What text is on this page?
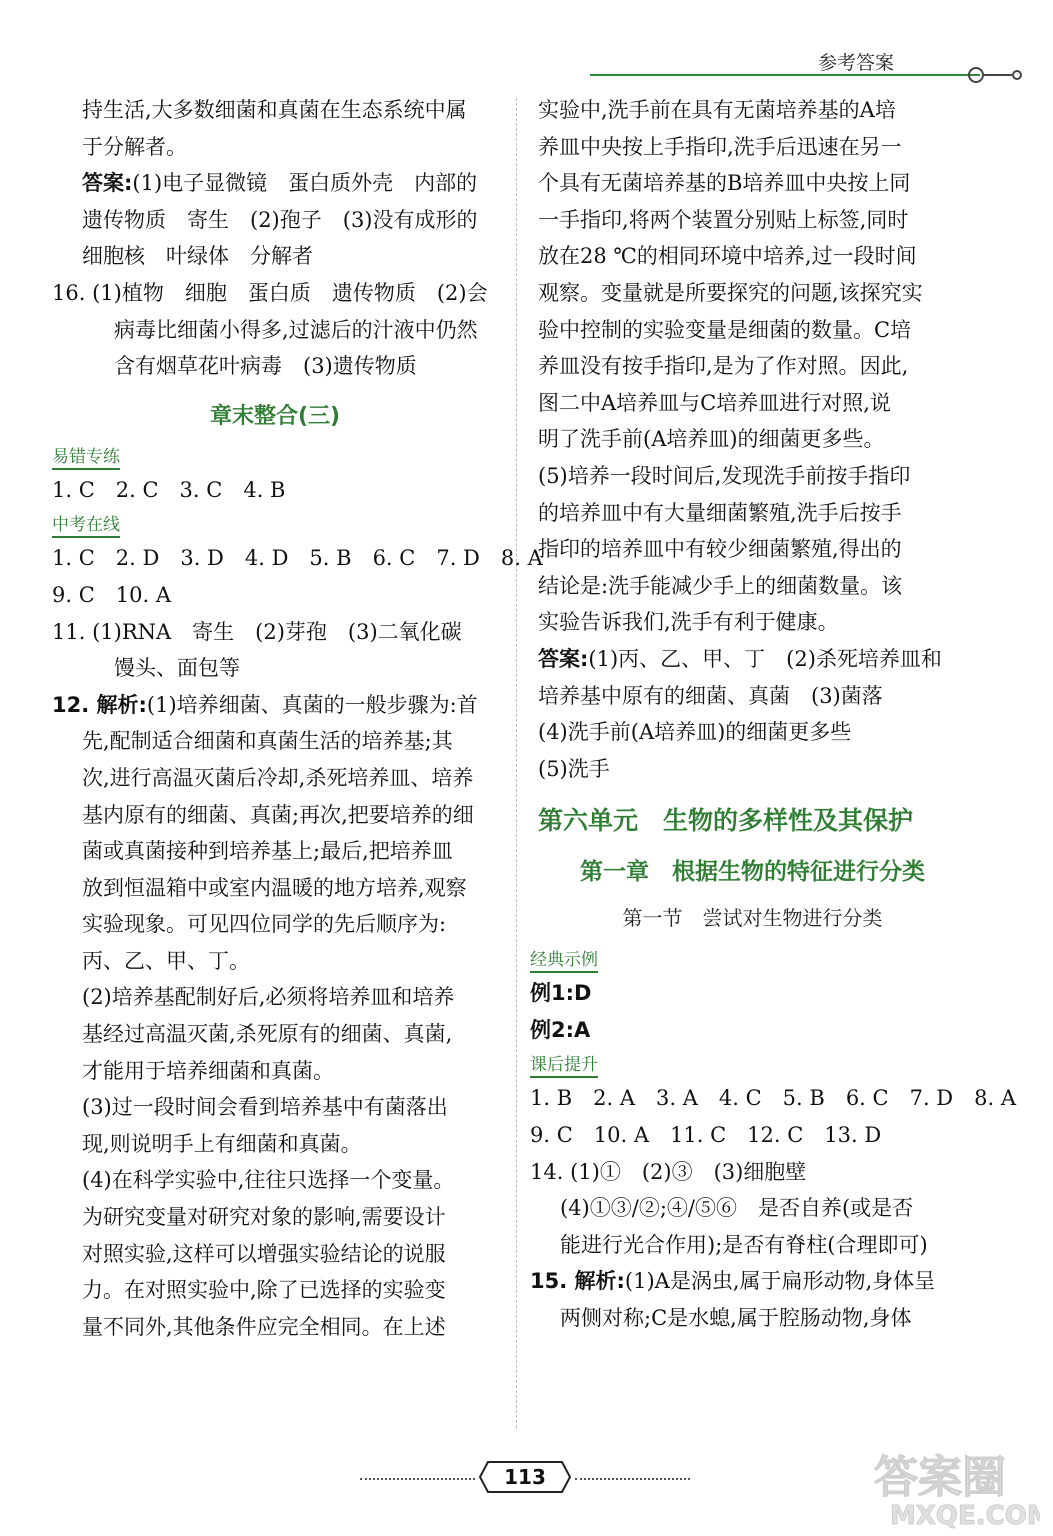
参考答案
持生活,大多数细菌和真菌在生态系统中属
于分解者。
答案:(1)电子显微镜　蛋白质外壳　内部的
遗传物质　寄生　(2)孢子　(3)没有成形的
细胞核　叶绿体　分解者
16. (1)植物　细胞　蛋白质　遗传物质　(2)会
病毒比细菌小得多,过滤后的汁液中仍然
含有烟草花叶病毒　(3)遗传物质
章末整合(三)
易错专练
1. C　2. C　3. C　4. B
中考在线
1. C　2. D　3. D　4. D　5. B　6. C　7. D　8. A
9. C　10. A
11. (1)RNA　寄生　(2)芽孢　(3)二氧化碳
馒头、面包等
12. 解析:(1)培养细菌、真菌的一般步骤为:首
先,配制适合细菌和真菌生活的培养基;其
次,进行高温灭菌后冷却,杀死培养皿、培养
基内原有的细菌、真菌;再次,把要培养的细
菌或真菌接种到培养基上;最后,把培养皿
放到恒温箱中或室内温暖的地方培养,观察
实验现象。可见四位同学的先后顺序为:
丙、乙、甲、丁。
(2)培养基配制好后,必须将培养皿和培养
基经过高温灭菌,杀死原有的细菌、真菌,
才能用于培养细菌和真菌。
(3)过一段时间会看到培养基中有菌落出
现,则说明手上有细菌和真菌。
(4)在科学实验中,往往只选择一个变量。
为研究变量对研究对象的影响,需要设计
对照实验,这样可以增强实验结论的说服
力。在对照实验中,除了已选择的实验变
量不同外,其他条件应完全相同。在上述
实验中,洗手前在具有无菌培养基的A培
养皿中央按上手指印,洗手后迅速在另一
个具有无菌培养基的B培养皿中央按上同
一手指印,将两个装置分别贴上标签,同时
放在28 ℃的相同环境中培养,过一段时间
观察。变量就是所要探究的问题,该探究实
验中控制的实验变量是细菌的数量。C培
养皿没有按手指印,是为了作对照。因此,
图二中A培养皿与C培养皿进行对照,说
明了洗手前(A培养皿)的细菌更多些。
(5)培养一段时间后,发现洗手前按手指印
的培养皿中有大量细菌繁殖,洗手后按手
指印的培养皿中有较少细菌繁殖,得出的
结论是:洗手能减少手上的细菌数量。该
实验告诉我们,洗手有利于健康。
答案:(1)丙、乙、甲、丁　(2)杀死培养皿和
培养基中原有的细菌、真菌　(3)菌落
(4)洗手前(A培养皿)的细菌更多些
(5)洗手
第六单元　生物的多样性及其保护
第一章　根据生物的特征进行分类
第一节　尝试对生物进行分类
经典示例
例1:D
例2:A
课后提升
1. B　2. A　3. A　4. C　5. B　6. C　7. D　8. A
9. C　10. A　11. C　12. C　13. D
14. (1)①　(2)③　(3)细胞壁
(4)①③/②;④/⑤⑥　是否自养(或是否
能进行光合作用);是否有脊柱(合理即可)
15. 解析:(1)A是涡虫,属于扁形动物,身体呈
两侧对称;C是水螅,属于腔肠动物,身体
113	答案圈
MXQE.COM
